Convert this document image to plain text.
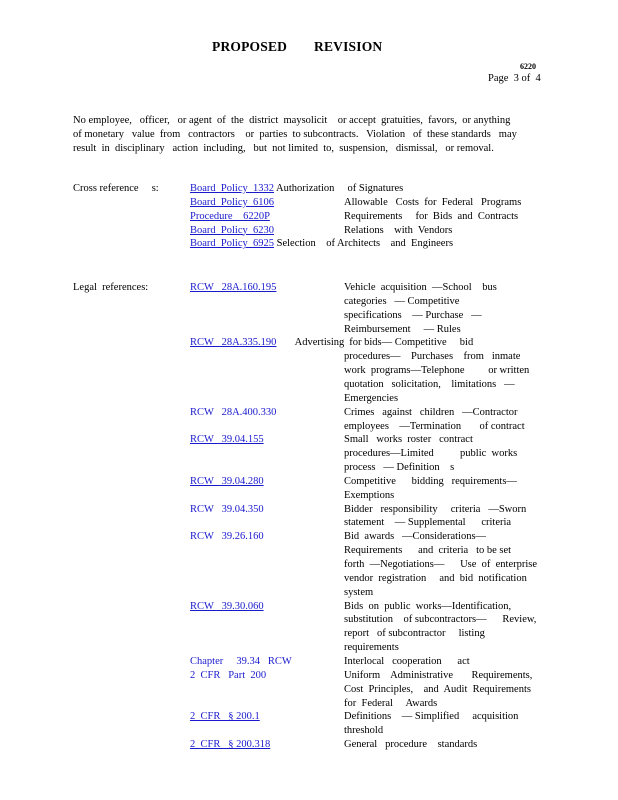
PROPOSED REVISION
6220
Page  3 of  4
No employee,   officer,   or agent  of  the  district  maysolicit    or accept  gratuities,  favors,  or anything
of monetary   value  from   contractors    or  parties  to subcontracts.   Violation   of  these standards   may
result  in  disciplinary   action  including,   but  not limited  to,  suspension,   dismissal,   or removal.
Cross reference     s:	Board  Policy  1332 Authorization     of Signatures
Board  Policy  6106	Allowable   Costs  for  Federal   Programs
Procedure    6220P	Requirements     for  Bids  and  Contracts
Board  Policy  6230	Relations    with  Vendors
Board  Policy  6925 Selection    of Architects    and  Engineers
Legal  references:	RCW   28A.160.195	Vehicle  acquisition  —School    bus
categories   — Competitive
specifications    — Purchase   —
Reimbursement     — Rules
RCW   28A.335.190	Advertising for bids— Competitive     bid
procedures—    Purchases    from   inmate
work  programs—Telephone         or written
quotation   solicitation,    limitations   —
Emergencies
RCW   28A.400.330	Crimes   against   children   —Contractor
employees    —Termination       of contract
RCW   39.04.155	Small   works  roster   contract
procedures—Limited          public  works
process   — Definition    s
RCW   39.04.280	Competitive      bidding   requirements—
Exemptions
RCW   39.04.350	Bidder   responsibility     criteria   —Sworn
statement    — Supplemental      criteria
RCW   39.26.160	Bid  awards   —Considerations—
Requirements      and  criteria   to be set
forth  —Negotiations—      Use  of  enterprise
vendor  registration     and  bid  notification
system
RCW   39.30.060	Bids  on  public  works—Identification,
substitution    of subcontractors—      Review,
report   of subcontractor     listing
requirements
Chapter     39.34   RCW	Interlocal   cooperation      act
2  CFR   Part  200	Uniform    Administrative       Requirements,
Cost  Principles,    and  Audit  Requirements
for  Federal     Awards
2  CFR   § 200.1	Definitions    — Simplified     acquisition
threshold
2  CFR   § 200.318	General   procedure    standards
